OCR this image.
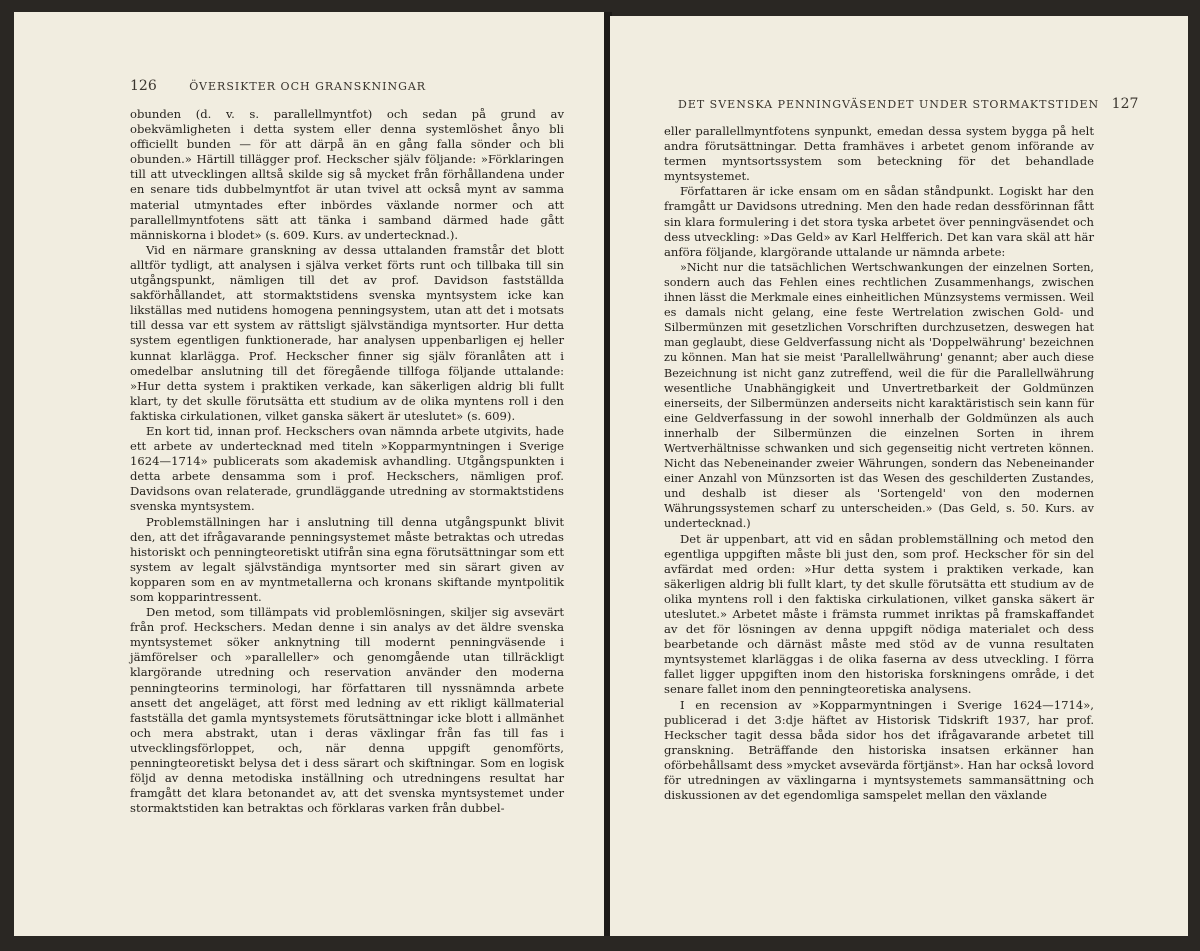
126	ÖVERSIKTER OCH GRANSKNINGAR

obunden (d. v. s. parallellmyntfot) och sedan på grund av obekvämligheten i detta system eller denna systemlöshet ånyo bli officiellt bunden — för att därpå än en gång falla sönder och bli obunden.» Härtill tillägger prof. Heckscher själv följande: »Förklaringen till att utvecklingen alltså skilde sig så mycket från förhållandena under en senare tids dubbelmyntfot är utan tvivel att också mynt av samma material utmyntades efter inbördes växlande normer och att parallellmyntfotens sätt att tänka i samband därmed hade gått människorna i blodet» (s. 609. Kurs. av undertecknad.).

Vid en närmare granskning av dessa uttalanden framstår det blott alltför tydligt, att analysen i själva verket förts runt och tillbaka till sin utgångspunkt, nämligen till det av prof. Davidson fastställda sakförhållandet, att stormaktstidens svenska myntsystem icke kan likställas med nutidens homogena penningsystem, utan att det i motsats till dessa var ett system av rättsligt självständiga myntsorter. Hur detta system egentligen funktionerade, har analysen uppenbarligen ej heller kunnat klarlägga. Prof. Heckscher finner sig själv föranlåten att i omedelbar anslutning till det föregående tillfoga följande uttalande: »Hur detta system i praktiken verkade, kan säkerligen aldrig bli fullt klart, ty det skulle förutsätta ett studium av de olika myntens roll i den faktiska cirkulationen, vilket ganska säkert är uteslutet» (s. 609).

En kort tid, innan prof. Heckschers ovan nämnda arbete utgivits, hade ett arbete av undertecknad med titeln »Kopparmyntningen i Sverige 1624—1714» publicerats som akademisk avhandling. Utgångspunkten i detta arbete densamma som i prof. Heckschers, nämligen prof. Davidsons ovan relaterade, grundläggande utredning av stormaktstidens svenska myntsystem.

Problemställningen har i anslutning till denna utgångspunkt blivit den, att det ifrågavarande penningsystemet måste betraktas och utredas historiskt och penningteoretiskt utifrån sina egna förutsättningar som ett system av legalt självständiga myntsorter med sin särart given av kopparen som en av myntmetallerna och kronans skiftande myntpolitik som kopparintressent.

Den metod, som tillämpats vid problemlösningen, skiljer sig avsevärt från prof. Heckschers. Medan denne i sin analys av det äldre svenska myntsystemet söker anknytning till modernt penningväsende i jämförelser och »paralleller» och genomgående utan tillräckligt klargörande utredning och reservation använder den moderna penningteorins terminologi, har författaren till nyssnämnda arbete ansett det angeläget, att först med ledning av ett rikligt källmaterial fastställa det gamla myntsystemets förutsättningar icke blott i allmänhet och mera abstrakt, utan i deras växlingar från fas till fas i utvecklingsförloppet, och, när denna uppgift genomförts, penningteoretiskt belysa det i dess särart och skiftningar. Som en logisk följd av denna metodiska inställning och utredningens resultat har framgått det klara betonandet av, att det svenska myntsystemet under stormaktstiden kan betraktas och förklaras varken från dubbel-

DET SVENSKA PENNINGVÄSENDET UNDER STORMAKTSTIDEN 127

eller parallellmyntfotens synpunkt, emedan dessa system bygga på helt andra förutsättningar. Detta framhäves i arbetet genom införande av termen myntsortssystem som beteckning för det behandlade myntsystemet.

Författaren är icke ensam om en sådan ståndpunkt. Logiskt har den framgått ur Davidsons utredning. Men den hade redan dessförinnan fått sin klara formulering i det stora tyska arbetet över penningväsendet och dess utveckling: »Das Geld» av Karl Helfferich. Det kan vara skäl att här anföra följande, klargörande uttalande ur nämnda arbete:

»Nicht nur die tatsächlichen Wertschwankungen der einzelnen Sorten, sondern auch das Fehlen eines rechtlichen Zusammenhangs, zwischen ihnen lässt die Merkmale eines einheitlichen Münzsystems vermissen. Weil es damals nicht gelang, eine feste Wertrelation zwischen Gold- und Silbermünzen mit gesetzlichen Vorschriften durchzusetzen, deswegen hat man geglaubt, diese Geldverfassung nicht als 'Doppelwährung' bezeichnen zu können. Man hat sie meist 'Parallellwährung' genannt; aber auch diese Bezeichnung ist nicht ganz zutreffend, weil die für die Parallellwährung wesentliche Unabhängigkeit und Unvertretbarkeit der Goldmünzen einerseits, der Silbermünzen anderseits nicht karaktäristisch sein kann für eine Geldverfassung in der sowohl innerhalb der Goldmünzen als auch innerhalb der Silbermünzen die einzelnen Sorten in ihrem Wertverhältnisse schwanken und sich gegenseitig nicht vertreten können. Nicht das Nebeneinander zweier Währungen, sondern das Nebeneinander einer Anzahl von Münzsorten ist das Wesen des geschilderten Zustandes, und deshalb ist dieser als 'Sortengeld' von den modernen Währungssystemen scharf zu unterscheiden.» (Das Geld, s. 50. Kurs. av undertecknad.)

Det är uppenbart, att vid en sådan problemställning och metod den egentliga uppgiften måste bli just den, som prof. Heckscher för sin del avfärdat med orden: »Hur detta system i praktiken verkade, kan säkerligen aldrig bli fullt klart, ty det skulle förutsätta ett studium av de olika myntens roll i den faktiska cirkulationen, vilket ganska säkert är uteslutet.» Arbetet måste i främsta rummet inriktas på framskaffandet av det för lösningen av denna uppgift nödiga materialet och dess bearbetande och därnäst måste med stöd av de vunna resultaten myntsystemet klarläggas i de olika faserna av dess utveckling. I förra fallet ligger uppgiften inom den historiska forskningens område, i det senare fallet inom den penningteoretiska analysens.

I en recension av »Kopparmyntningen i Sverige 1624—1714», publicerad i det 3:dje häftet av Historisk Tidskrift 1937, har prof. Heckscher tagit dessa båda sidor hos det ifrågavarande arbetet till granskning. Beträffande den historiska insatsen erkänner han oförbehållsamt dess »mycket avsevärda förtjänst». Han har också lovord för utredningen av växlingarna i myntsystemets sammansättning och diskussionen av det egendomliga samspelet mellan den växlande
